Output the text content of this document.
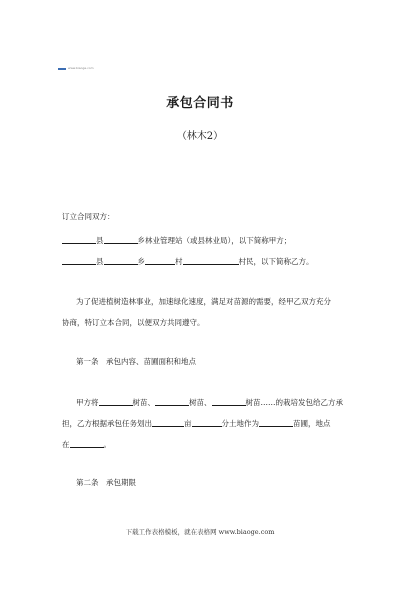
www.biaoge.com
承包合同书
（林木2）
订立合同双方：
县	乡林业管理站（或县林业局），以下简称甲方；
县	乡	村	村民，以下简称乙方。
为了促进植树造林事业，加速绿化速度，满足对苗源的需要，经甲乙双方充分
协商，特订立本合同，以便双方共同遵守。
第一条　承包内容、苗圃面积和地点
甲方将	树苗、	树苗、	树苗……的栽培发包给乙方承
担，乙方根据承包任务划出	亩	分土地作为	苗圃，地点
在	。
第二条　承包期限
下载工作表格模板，就在表格网 www.biaoge.com
